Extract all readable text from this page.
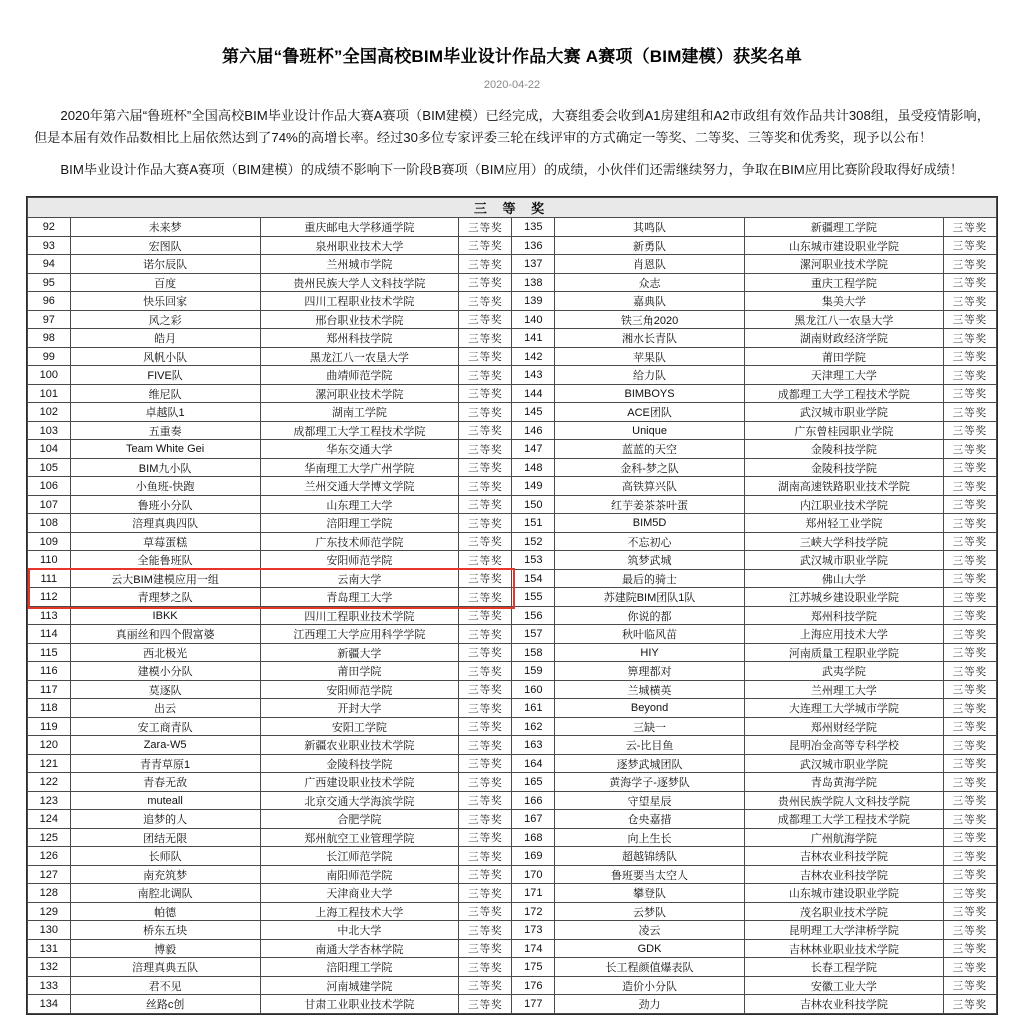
第六届“鲁班杯”全国高校BIM毕业设计作品大赛 A赛项（BIM建模）获奖名单
2020-04-22

2020年第六届“鲁班杯”全国高校BIM毕业设计作品大赛A赛项（BIM建模）已经完成，大赛组委会收到A1房建组和A2市政组有效作品共计308组，虽受疫情影响，但是本届有效作品数相比上届依然达到了74%的高增长率。经过30多位专家评委三轮在线评审的方式确定一等奖、二等奖、三等奖和优秀奖，现予以公布！

BIM毕业设计作品大赛A赛项（BIM建模）的成绩不影响下一阶段B赛项（BIM应用）的成绩，小伙伴们还需继续努力，争取在BIM应用比赛阶段取得好成绩！

三 等 奖							
92	未来梦	重庆邮电大学移通学院	三等奖	135	其鸣队	新疆理工学院	三等奖
93	宏图队	泉州职业技术大学	三等奖	136	新勇队	山东城市建设职业学院	三等奖
94	诺尔辰队	兰州城市学院	三等奖	137	肖恩队	漯河职业技术学院	三等奖
95	百度	贵州民族大学人文科技学院	三等奖	138	众志	重庆工程学院	三等奖
96	快乐回家	四川工程职业技术学院	三等奖	139	嘉典队	集美大学	三等奖
97	风之彩	邢台职业技术学院	三等奖	140	铁三角2020	黑龙江八一农垦大学	三等奖
98	皓月	郑州科技学院	三等奖	141	湘水长青队	湖南财政经济学院	三等奖
99	风帆小队	黑龙江八一农垦大学	三等奖	142	苹果队	莆田学院	三等奖
100	FIVE队	曲靖师范学院	三等奖	143	给力队	天津理工大学	三等奖
101	维尼队	漯河职业技术学院	三等奖	144	BIMBOYS	成都理工大学工程技术学院	三等奖
102	卓越队1	湖南工学院	三等奖	145	ACE团队	武汉城市职业学院	三等奖
103	五重奏	成都理工大学工程技术学院	三等奖	146	Unique	广东曾桂园职业学院	三等奖
104	Team White Gei	华东交通大学	三等奖	147	蓝蓝的天空	金陵科技学院	三等奖
105	BIM九小队	华南理工大学广州学院	三等奖	148	金科-梦之队	金陵科技学院	三等奖
106	小鱼班-快跑	兰州交通大学博文学院	三等奖	149	高铁算兴队	湖南高速铁路职业技术学院	三等奖
107	鲁班小分队	山东理工大学	三等奖	150	红芋姜茶茶叶蛋	内江职业技术学院	三等奖
108	涪理真典四队	涪阳理工学院	三等奖	151	BIM5D	郑州轻工业学院	三等奖
109	草莓蛋糕	广东技术师范学院	三等奖	152	不忘初心	三峡大学科技学院	三等奖
110	全能鲁班队	安阳师范学院	三等奖	153	筑梦武城	武汉城市职业学院	三等奖
111	云大BIM建模应用一组	云南大学	三等奖	154	最后的骑士	佛山大学	三等奖
112	青理梦之队	青岛理工大学	三等奖	155	苏建院BIM团队1队	江苏城乡建设职业学院	三等奖
113	IBKK	四川工程职业技术学院	三等奖	156	你说的都	郑州科技学院	三等奖
114	真丽丝和四个假富婆	江西理工大学应用科学学院	三等奖	157	秋叶临风苗	上海应用技术大学	三等奖
115	西北极光	新疆大学	三等奖	158	HIY	河南质量工程职业学院	三等奖
116	建模小分队	莆田学院	三等奖	159	箅理都对	武夷学院	三等奖
117	莫逐队	安阳师范学院	三等奖	160	兰城横英	兰州理工大学	三等奖
118	出云	开封大学	三等奖	161	Beyond	大连理工大学城市学院	三等奖
119	安工商青队	安阳工学院	三等奖	162	三缺一	郑州财经学院	三等奖
120	Zara-W5	新疆农业职业技术学院	三等奖	163	云-比目鱼	昆明冶金高等专科学校	三等奖
121	青青草原1	金陵科技学院	三等奖	164	逐梦武城团队	武汉城市职业学院	三等奖
122	青春无敌	广西建设职业技术学院	三等奖	165	黄海学子-逐梦队	青岛黄海学院	三等奖
123	muteall	北京交通大学海滨学院	三等奖	166	守望星辰	贵州民族学院人文科技学院	三等奖
124	追梦的人	合肥学院	三等奖	167	仓央嘉措	成都理工大学工程技术学院	三等奖
125	团结无限	郑州航空工业管理学院	三等奖	168	向上生长	广州航海学院	三等奖
126	长师队	长江师范学院	三等奖	169	超越锦绣队	吉林农业科技学院	三等奖
127	南充筑梦	南阳师范学院	三等奖	170	鲁班要当太空人	吉林农业科技学院	三等奖
128	南腔北调队	天津商业大学	三等奖	171	攀登队	山东城市建设职业学院	三等奖
129	帕德	上海工程技术大学	三等奖	172	云梦队	茂名职业技术学院	三等奖
130	桥东五块	中北大学	三等奖	173	凌云	昆明理工大学津桥学院	三等奖
131	博毅	南通大学杏林学院	三等奖	174	GDK	吉林林业职业技术学院	三等奖
132	涪理真典五队	涪阳理工学院	三等奖	175	长工程颜值爆表队	长春工程学院	三等奖
133	君不见	河南城建学院	三等奖	176	造价小分队	安徽工业大学	三等奖
134	丝路c创	甘肃工业职业技术学院	三等奖	177	劲力	吉林农业科技学院	三等奖
